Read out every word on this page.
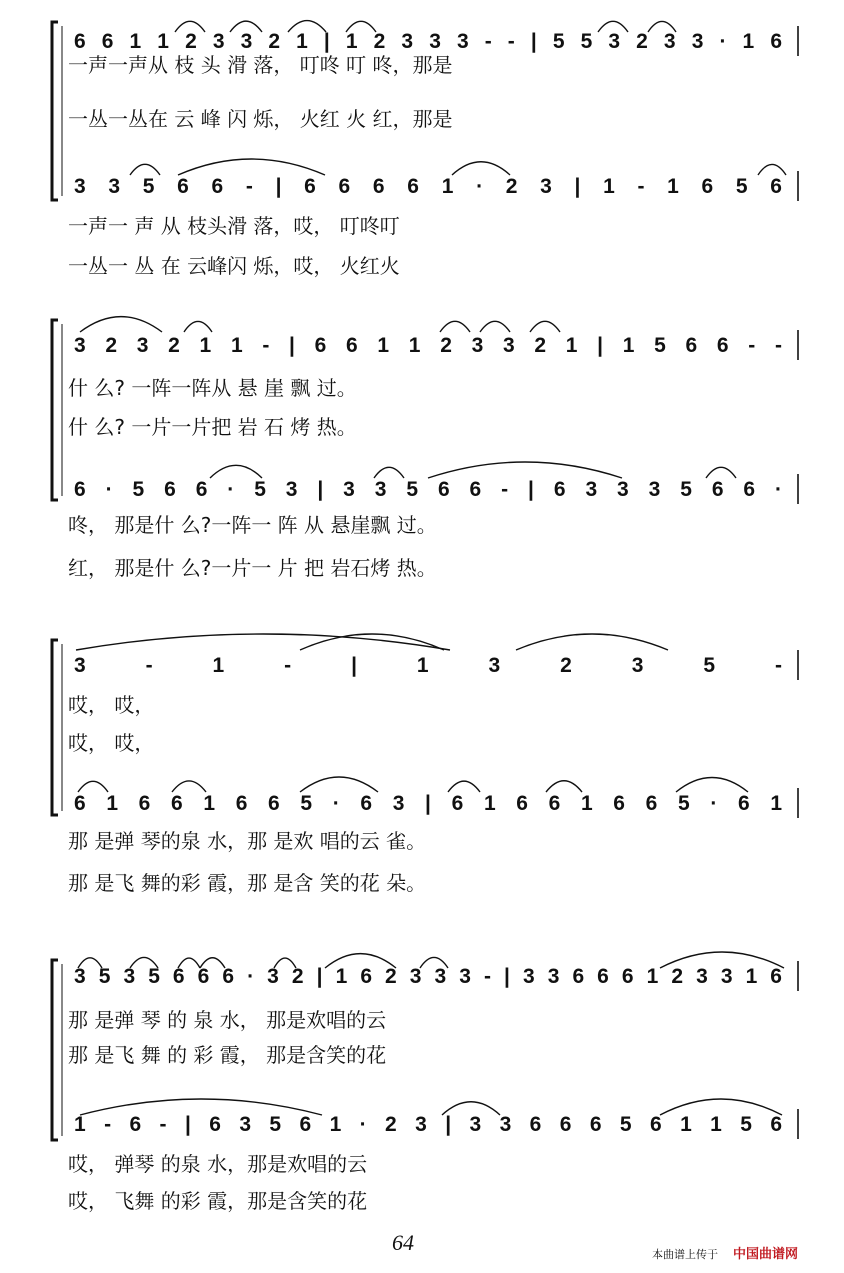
6 6 1 1 2 3 3 2 1 | 1 2 3 3 3 - - | 5 5 3 2 3 3 · 1 6
一声一声从 枝 头 滑 落， 叮咚 叮 咚，那是
一丛一丛在 云 峰 闪 烁， 火红 火 红，那是
3 3 5 6 6 - | 6 6 6 6 1 · 2 3 | 1 - 1 6 5 6
一声一 声 从 枝头滑 落，哎， 叮咚叮
一丛一 丛 在 云峰闪 烁，哎， 火红火
3 2 3 2 1 1 - | 6 6 1 1 2 3 3 2 1 | 1 5 6 6 - -
什 么? 一阵一阵从 悬 崖 飘 过。
什 么? 一片一片把 岩 石 烤 热。
6 · 5 6 6 · 5 3 | 3 3 5 6 6 - | 6 3 3 3 5 6 6 ·
咚， 那是什 么?一阵一 阵 从 悬崖飘 过。
红， 那是什 么?一片一 片 把 岩石烤 热。
3 - 1 - | 1 3 2 3 5 -
哎， 哎，
哎， 哎，
6 1 6 6 1 6 6 5 · 6 3 | 6 1 6 6 1 6 6 5 · 6 1
那 是弹 琴的泉 水，那 是欢 唱的云 雀。
那 是飞 舞的彩 霞，那 是含 笑的花 朵。
3 5 3 5 6 6 6 · 3 2 | 1 6 2 3 3 3 - | 3 3 6 6 6 1 2 3 3 1 6
那 是弹 琴 的 泉 水， 那是欢唱的云
那 是飞 舞 的 彩 霞， 那是含笑的花
1 - 6 - | 6 3 5 6 1 · 2 3 | 3 3 6 6 6 5 6 1 1 5 6
哎， 弹琴 的泉 水，那是欢唱的云
哎， 飞舞 的彩 霞，那是含笑的花
64	本曲谱上传于 中国曲谱网
